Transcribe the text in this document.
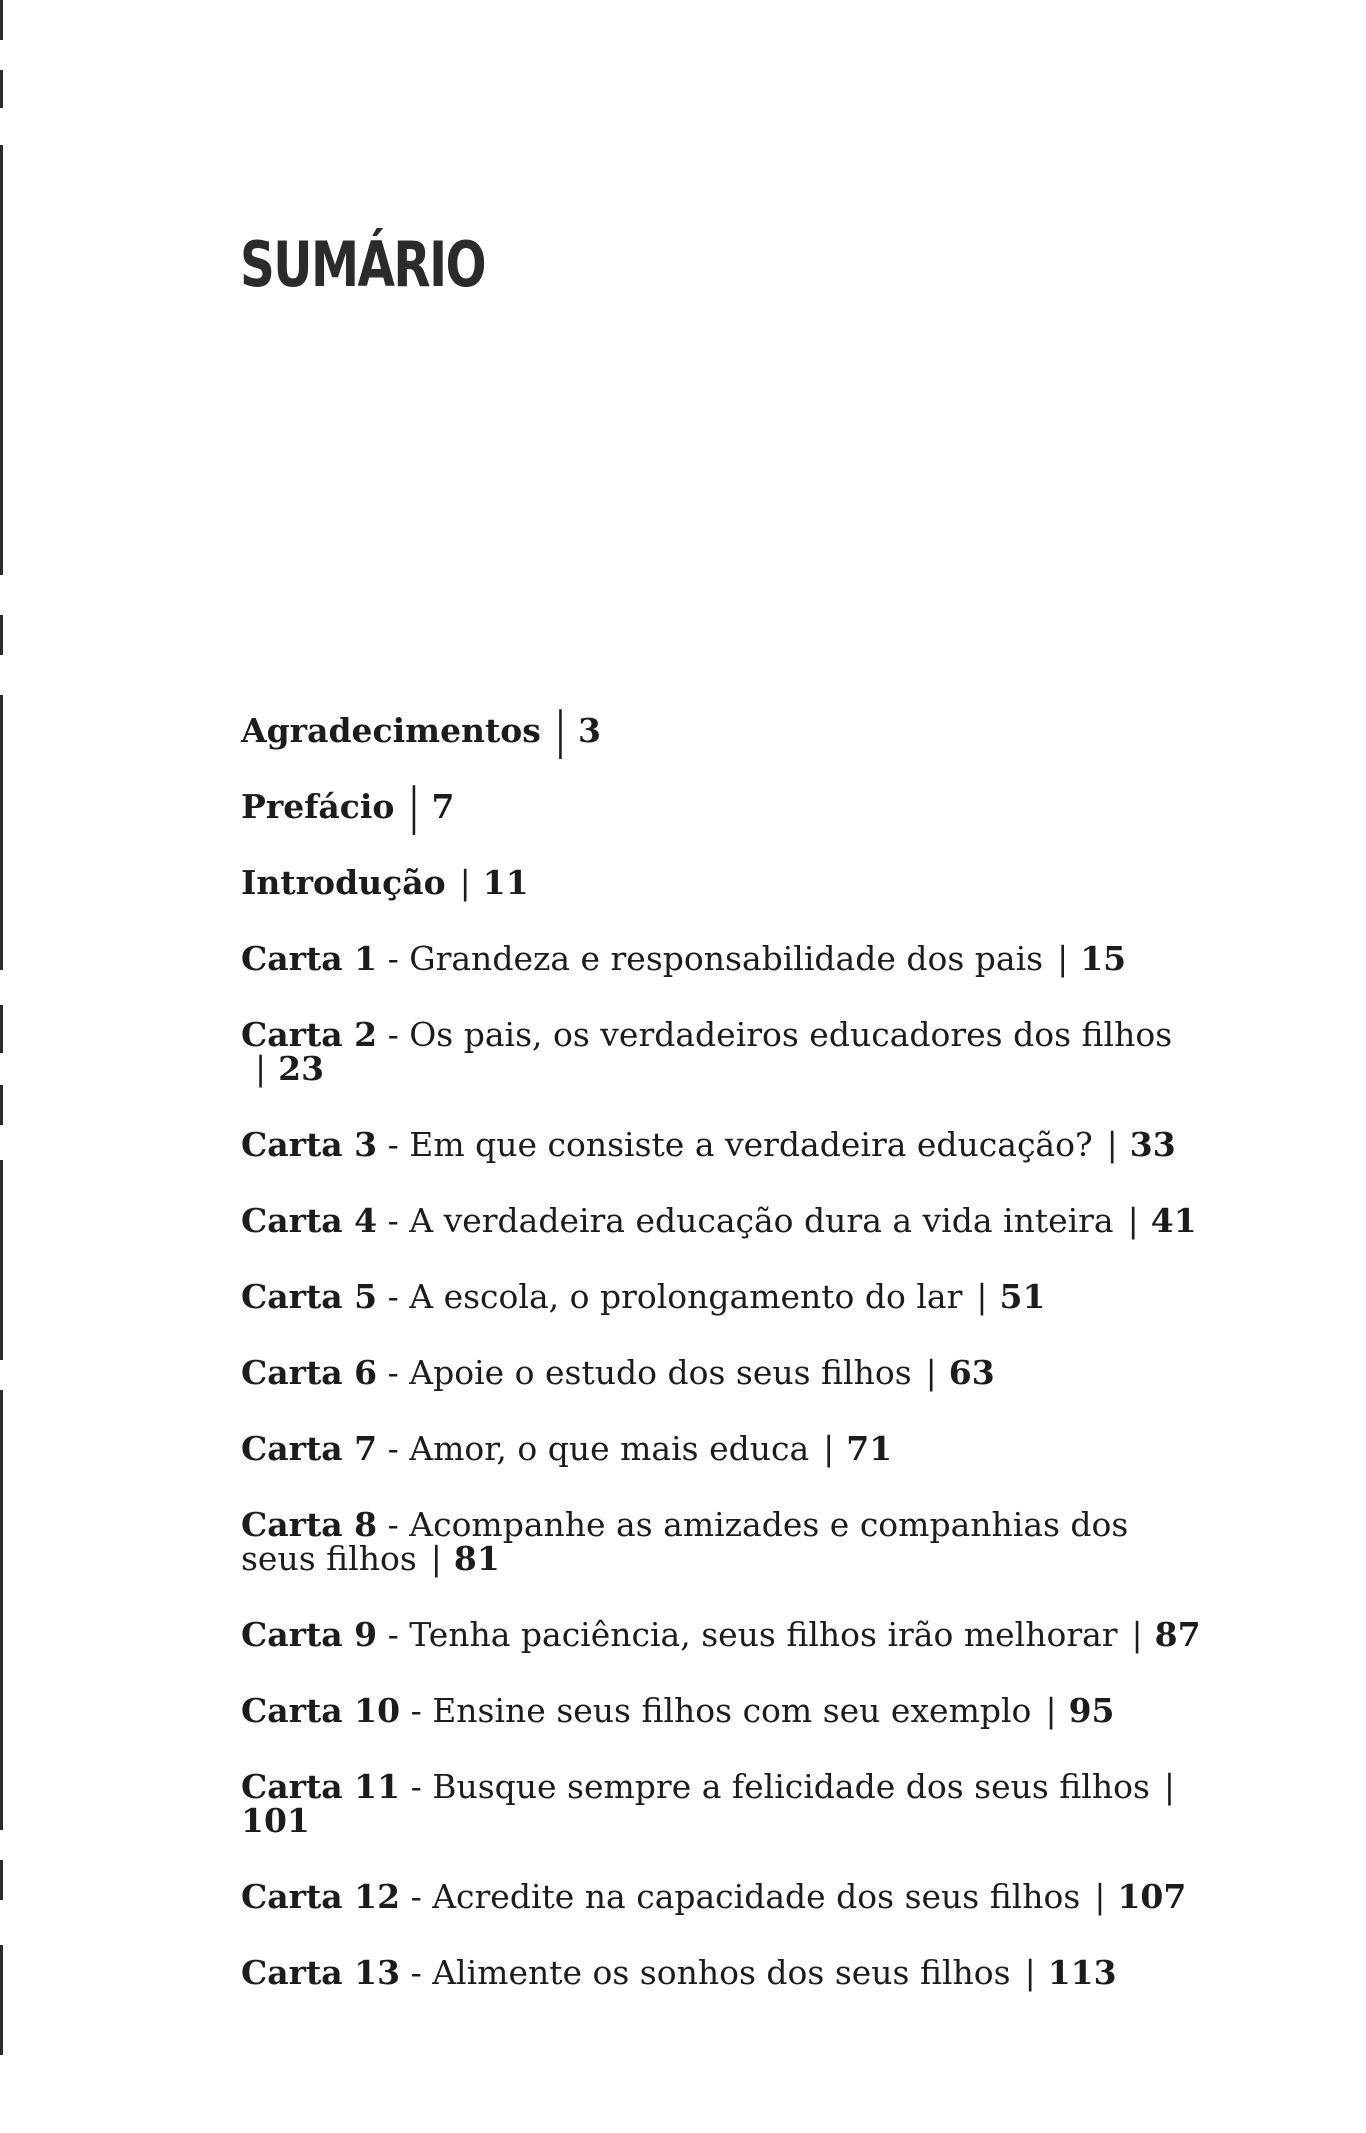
SUMÁRIO
Agradecimentos | 3
Prefácio | 7
Introdução | 11
Carta 1 - Grandeza e responsabilidade dos pais | 15
Carta 2 - Os pais, os verdadeiros educadores dos filhos| 23
Carta 3 - Em que consiste a verdadeira educação? | 33
Carta 4 - A verdadeira educação dura a vida inteira | 41
Carta 5 - A escola, o prolongamento do lar | 51
Carta 6 - Apoie o estudo dos seus filhos | 63
Carta 7 - Amor, o que mais educa | 71
Carta 8 - Acompanhe as amizades e companhias dos seus filhos | 81
Carta 9 - Tenha paciência, seus filhos irão melhorar | 87
Carta 10 - Ensine seus filhos com seu exemplo | 95
Carta 11 - Busque sempre a felicidade dos seus filhos |101
Carta 12 - Acredite na capacidade dos seus filhos | 107
Carta 13 - Alimente os sonhos dos seus filhos | 113
